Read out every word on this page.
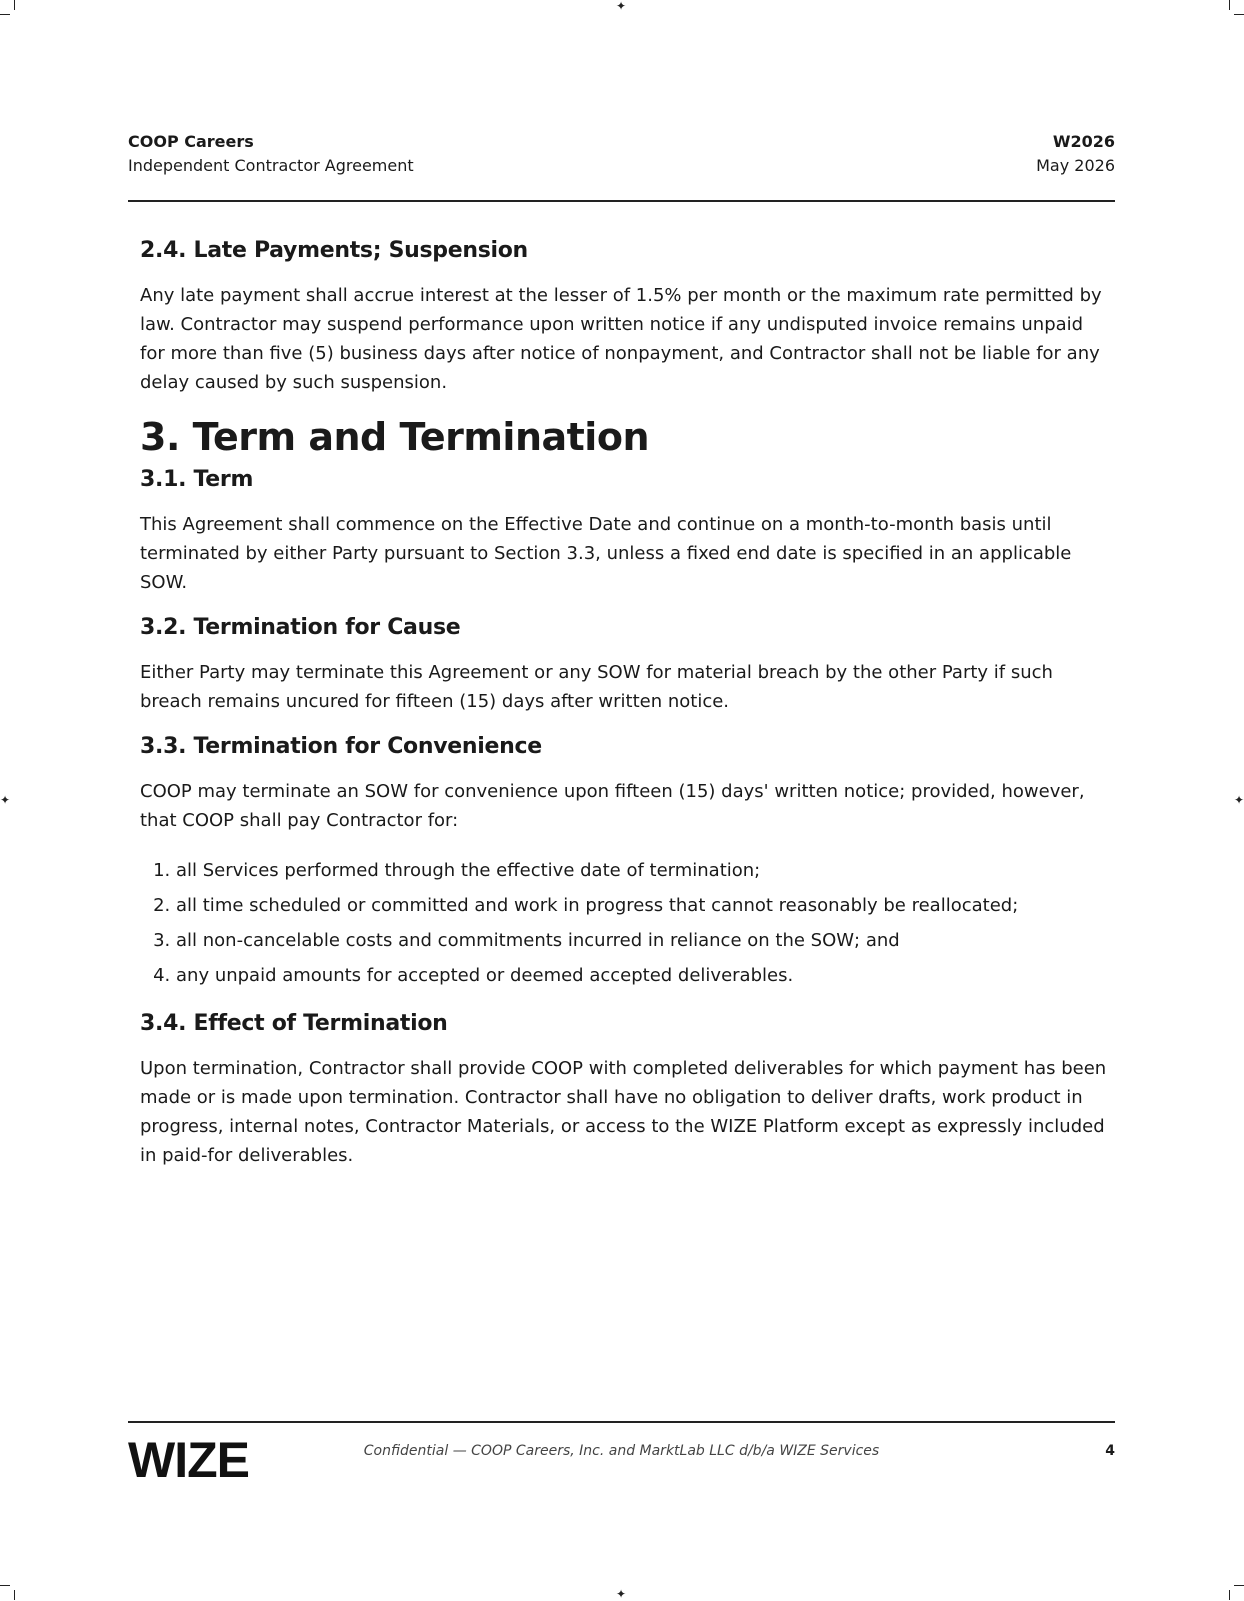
✦
✦
✦	✦
COOP Careers
Independent Contractor Agreement
W2026
May 2026
2.4. Late Payments; Suspension

Any late payment shall accrue interest at the lesser of 1.5% per month or the maximum rate permitted by law. Contractor may suspend performance upon written notice if any undisputed invoice remains unpaid for more than five (5) business days after notice of nonpayment, and Contractor shall not be liable for any delay caused by such suspension.

3. Term and Termination
3.1. Term

This Agreement shall commence on the Effective Date and continue on a month-to-month basis until terminated by either Party pursuant to Section 3.3, unless a fixed end date is specified in an applicable SOW.

3.2. Termination for Cause

Either Party may terminate this Agreement or any SOW for material breach by the other Party if such breach remains uncured for fifteen (15) days after written notice.

3.3. Termination for Convenience

COOP may terminate an SOW for convenience upon fifteen (15) days' written notice; provided, however, that COOP shall pay Contractor for:

1. all Services performed through the effective date of termination;
2. all time scheduled or committed and work in progress that cannot reasonably be reallocated;
3. all non-cancelable costs and commitments incurred in reliance on the SOW; and
4. any unpaid amounts for accepted or deemed accepted deliverables.
3.4. Effect of Termination

Upon termination, Contractor shall provide COOP with completed deliverables for which payment has been made or is made upon termination. Contractor shall have no obligation to deliver drafts, work product in progress, internal notes, Contractor Materials, or access to the WIZE Platform except as expressly included in paid-for deliverables.

WIZE	Confidential — COOP Careers, Inc. and MarktLab LLC d/b/a WIZE Services	4
